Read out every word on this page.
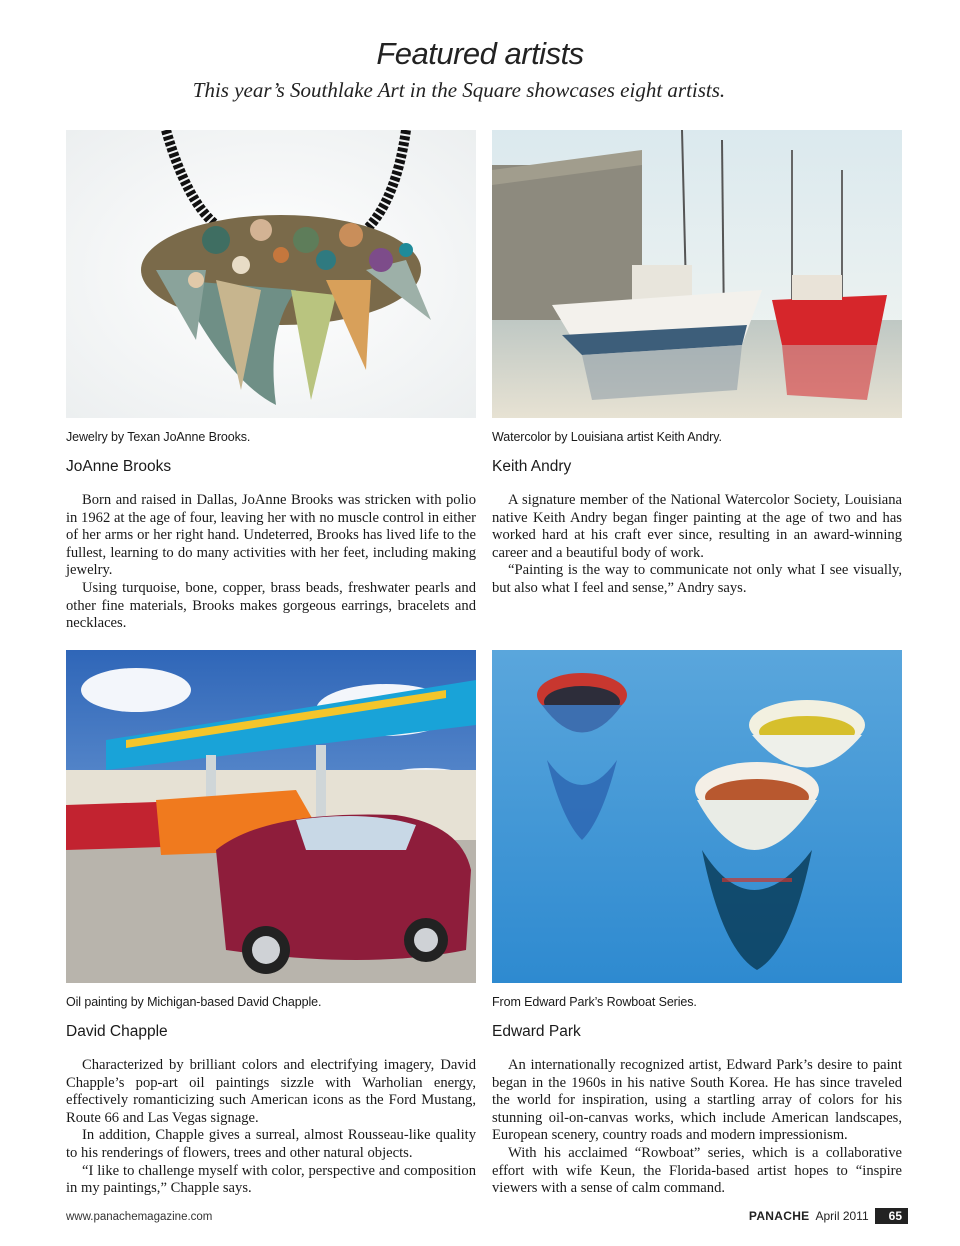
Featured artists
This year’s Southlake Art in the Square showcases eight artists.
Jewelry by Texan JoAnne Brooks.
JoAnne Brooks

Born and raised in Dallas, JoAnne Brooks was stricken with polio in 1962 at the age of four, leaving her with no muscle control in either of her arms or her right hand. Undeterred, Brooks has lived life to the fullest, learning to do many activities with her feet, including making jewelry.

Using turquoise, bone, copper, brass beads, freshwater pearls and other fine materials, Brooks makes gorgeous earrings, bracelets and necklaces.

Watercolor by Louisiana artist Keith Andry.
Keith Andry

A signature member of the National Watercolor Society, Louisiana native Keith Andry began finger painting at the age of two and has worked hard at his craft ever since, resulting in an award-winning career and a beautiful body of work.

“Painting is the way to communicate not only what I see visually, but also what I feel and sense,” Andry says.

Oil painting by Michigan-based David Chapple.
David Chapple

Characterized by brilliant colors and electrifying imagery, David Chapple’s pop-art oil paintings sizzle with Warholian energy, effectively romanticizing such American icons as the Ford Mustang, Route 66 and Las Vegas signage.

In addition, Chapple gives a surreal, almost Rousseau-like quality to his renderings of flowers, trees and other natural objects.

“I like to challenge myself with color, perspective and composition in my paintings,” Chapple says.

From Edward Park’s Rowboat Series.
Edward Park

An internationally recognized artist, Edward Park’s desire to paint began in the 1960s in his native South Korea. He has since traveled the world for inspiration, using a startling array of colors for his stunning oil-on-canvas works, which include American landscapes, European scenery, country roads and modern impressionism.

With his acclaimed “Rowboat” series, which is a collaborative effort with wife Keun, the Florida-based artist hopes to “inspire viewers with a sense of calm command.

www.panachemagazine.com	PANACHE April 2011	65
